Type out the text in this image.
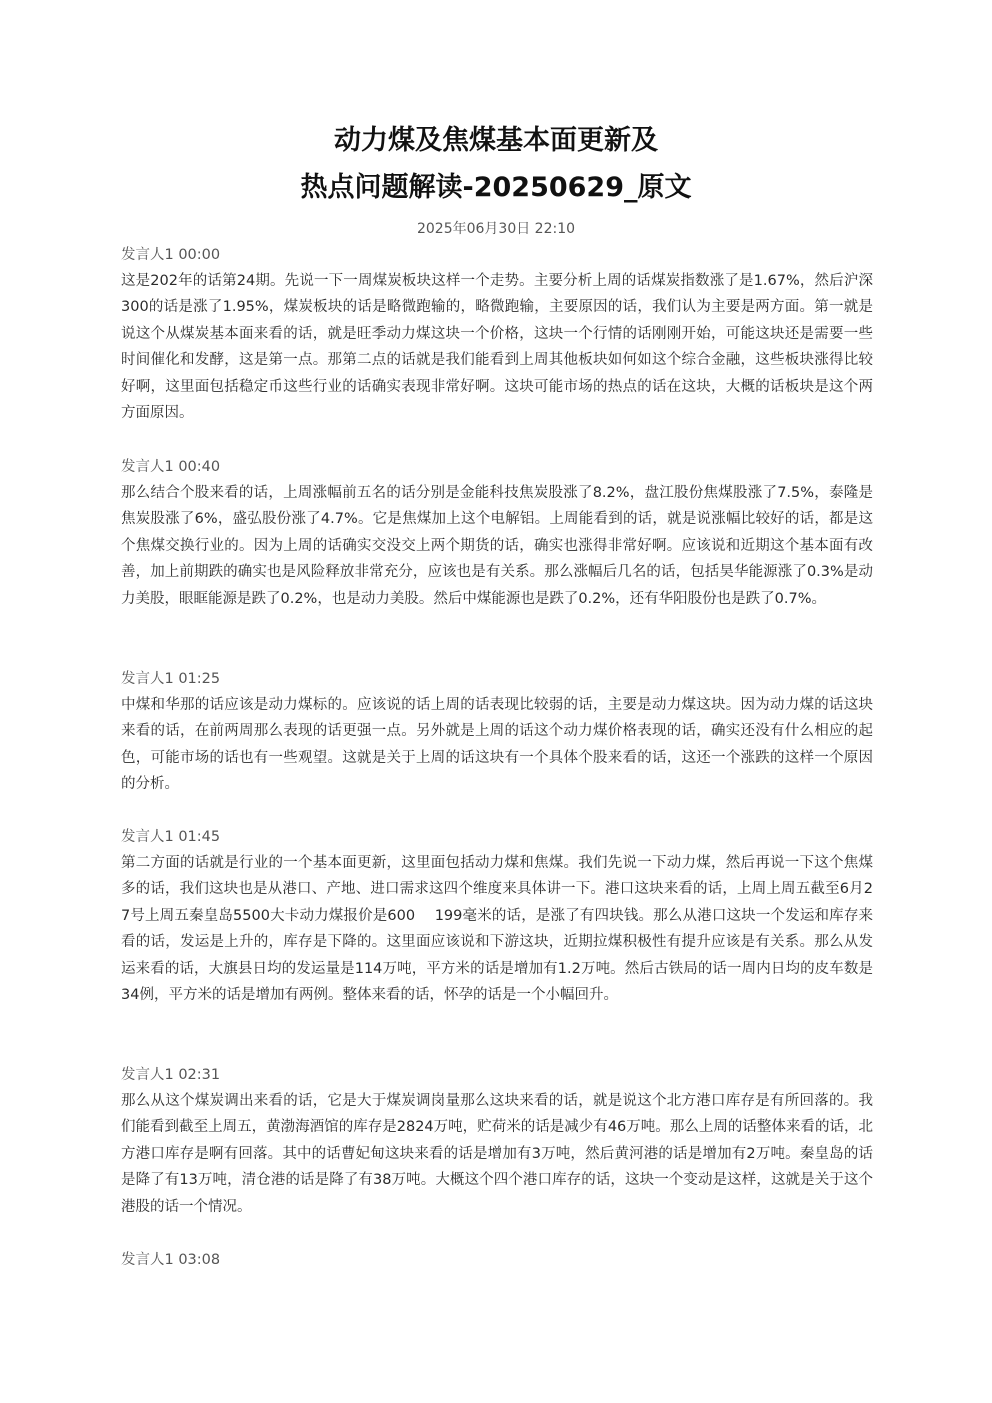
动力煤及焦煤基本面更新及
热点问题解读-20250629_原文
2025年06月30日 22:10
发言人1 00:00
这是202年的话第24期。先说一下一周煤炭板块这样一个走势。主要分析上周的话煤炭指数涨了是1.67%，然后沪深300的话是涨了1.95%，煤炭板块的话是略微跑输的，略微跑输，主要原因的话，我们认为主要是两方面。第一就是说这个从煤炭基本面来看的话，就是旺季动力煤这块一个价格，这块一个行情的话刚刚开始，可能这块还是需要一些时间催化和发酵，这是第一点。那第二点的话就是我们能看到上周其他板块如何如这个综合金融，这些板块涨得比较好啊，这里面包括稳定币这些行业的话确实表现非常好啊。这块可能市场的热点的话在这块，大概的话板块是这个两方面原因。
发言人1 00:40
那么结合个股来看的话，上周涨幅前五名的话分别是金能科技焦炭股涨了8.2%，盘江股份焦煤股涨了7.5%，泰隆是焦炭股涨了6%，盛弘股份涨了4.7%。它是焦煤加上这个电解铝。上周能看到的话，就是说涨幅比较好的话，都是这个焦煤交换行业的。因为上周的话确实交没交上两个期货的话，确实也涨得非常好啊。应该说和近期这个基本面有改善，加上前期跌的确实也是风险释放非常充分，应该也是有关系。那么涨幅后几名的话，包括昊华能源涨了0.3%是动力美股，眼眶能源是跌了0.2%，也是动力美股。然后中煤能源也是跌了0.2%，还有华阳股份也是跌了0.7%。
发言人1 01:25
中煤和华那的话应该是动力煤标的。应该说的话上周的话表现比较弱的话，主要是动力煤这块。因为动力煤的话这块来看的话，在前两周那么表现的话更强一点。另外就是上周的话这个动力煤价格表现的话，确实还没有什么相应的起色，可能市场的话也有一些观望。这就是关于上周的话这块有一个具体个股来看的话，这还一个涨跌的这样一个原因的分析。
发言人1 01:45
第二方面的话就是行业的一个基本面更新，这里面包括动力煤和焦煤。我们先说一下动力煤，然后再说一下这个焦煤多的话，我们这块也是从港口、产地、进口需求这四个维度来具体讲一下。港口这块来看的话，上周上周五截至6月27号上周五秦皇岛5500大卡动力煤报价是600　 199毫米的话，是涨了有四块钱。那么从港口这块一个发运和库存来看的话，发运是上升的，库存是下降的。这里面应该说和下游这块，近期拉煤积极性有提升应该是有关系。那么从发运来看的话，大旗县日均的发运量是114万吨，平方米的话是增加有1.2万吨。然后古铁局的话一周内日均的皮车数是34例，平方米的话是增加有两例。整体来看的话，怀孕的话是一个小幅回升。
发言人1 02:31
那么从这个煤炭调出来看的话，它是大于煤炭调岗量那么这块来看的话，就是说这个北方港口库存是有所回落的。我们能看到截至上周五，黄渤海酒馆的库存是2824万吨，贮荷米的话是减少有46万吨。那么上周的话整体来看的话，北方港口库存是啊有回落。其中的话曹妃甸这块来看的话是增加有3万吨，然后黄河港的话是增加有2万吨。秦皇岛的话是降了有13万吨，清仓港的话是降了有38万吨。大概这个四个港口库存的话，这块一个变动是这样，这就是关于这个港股的话一个情况。
发言人1 03:08
